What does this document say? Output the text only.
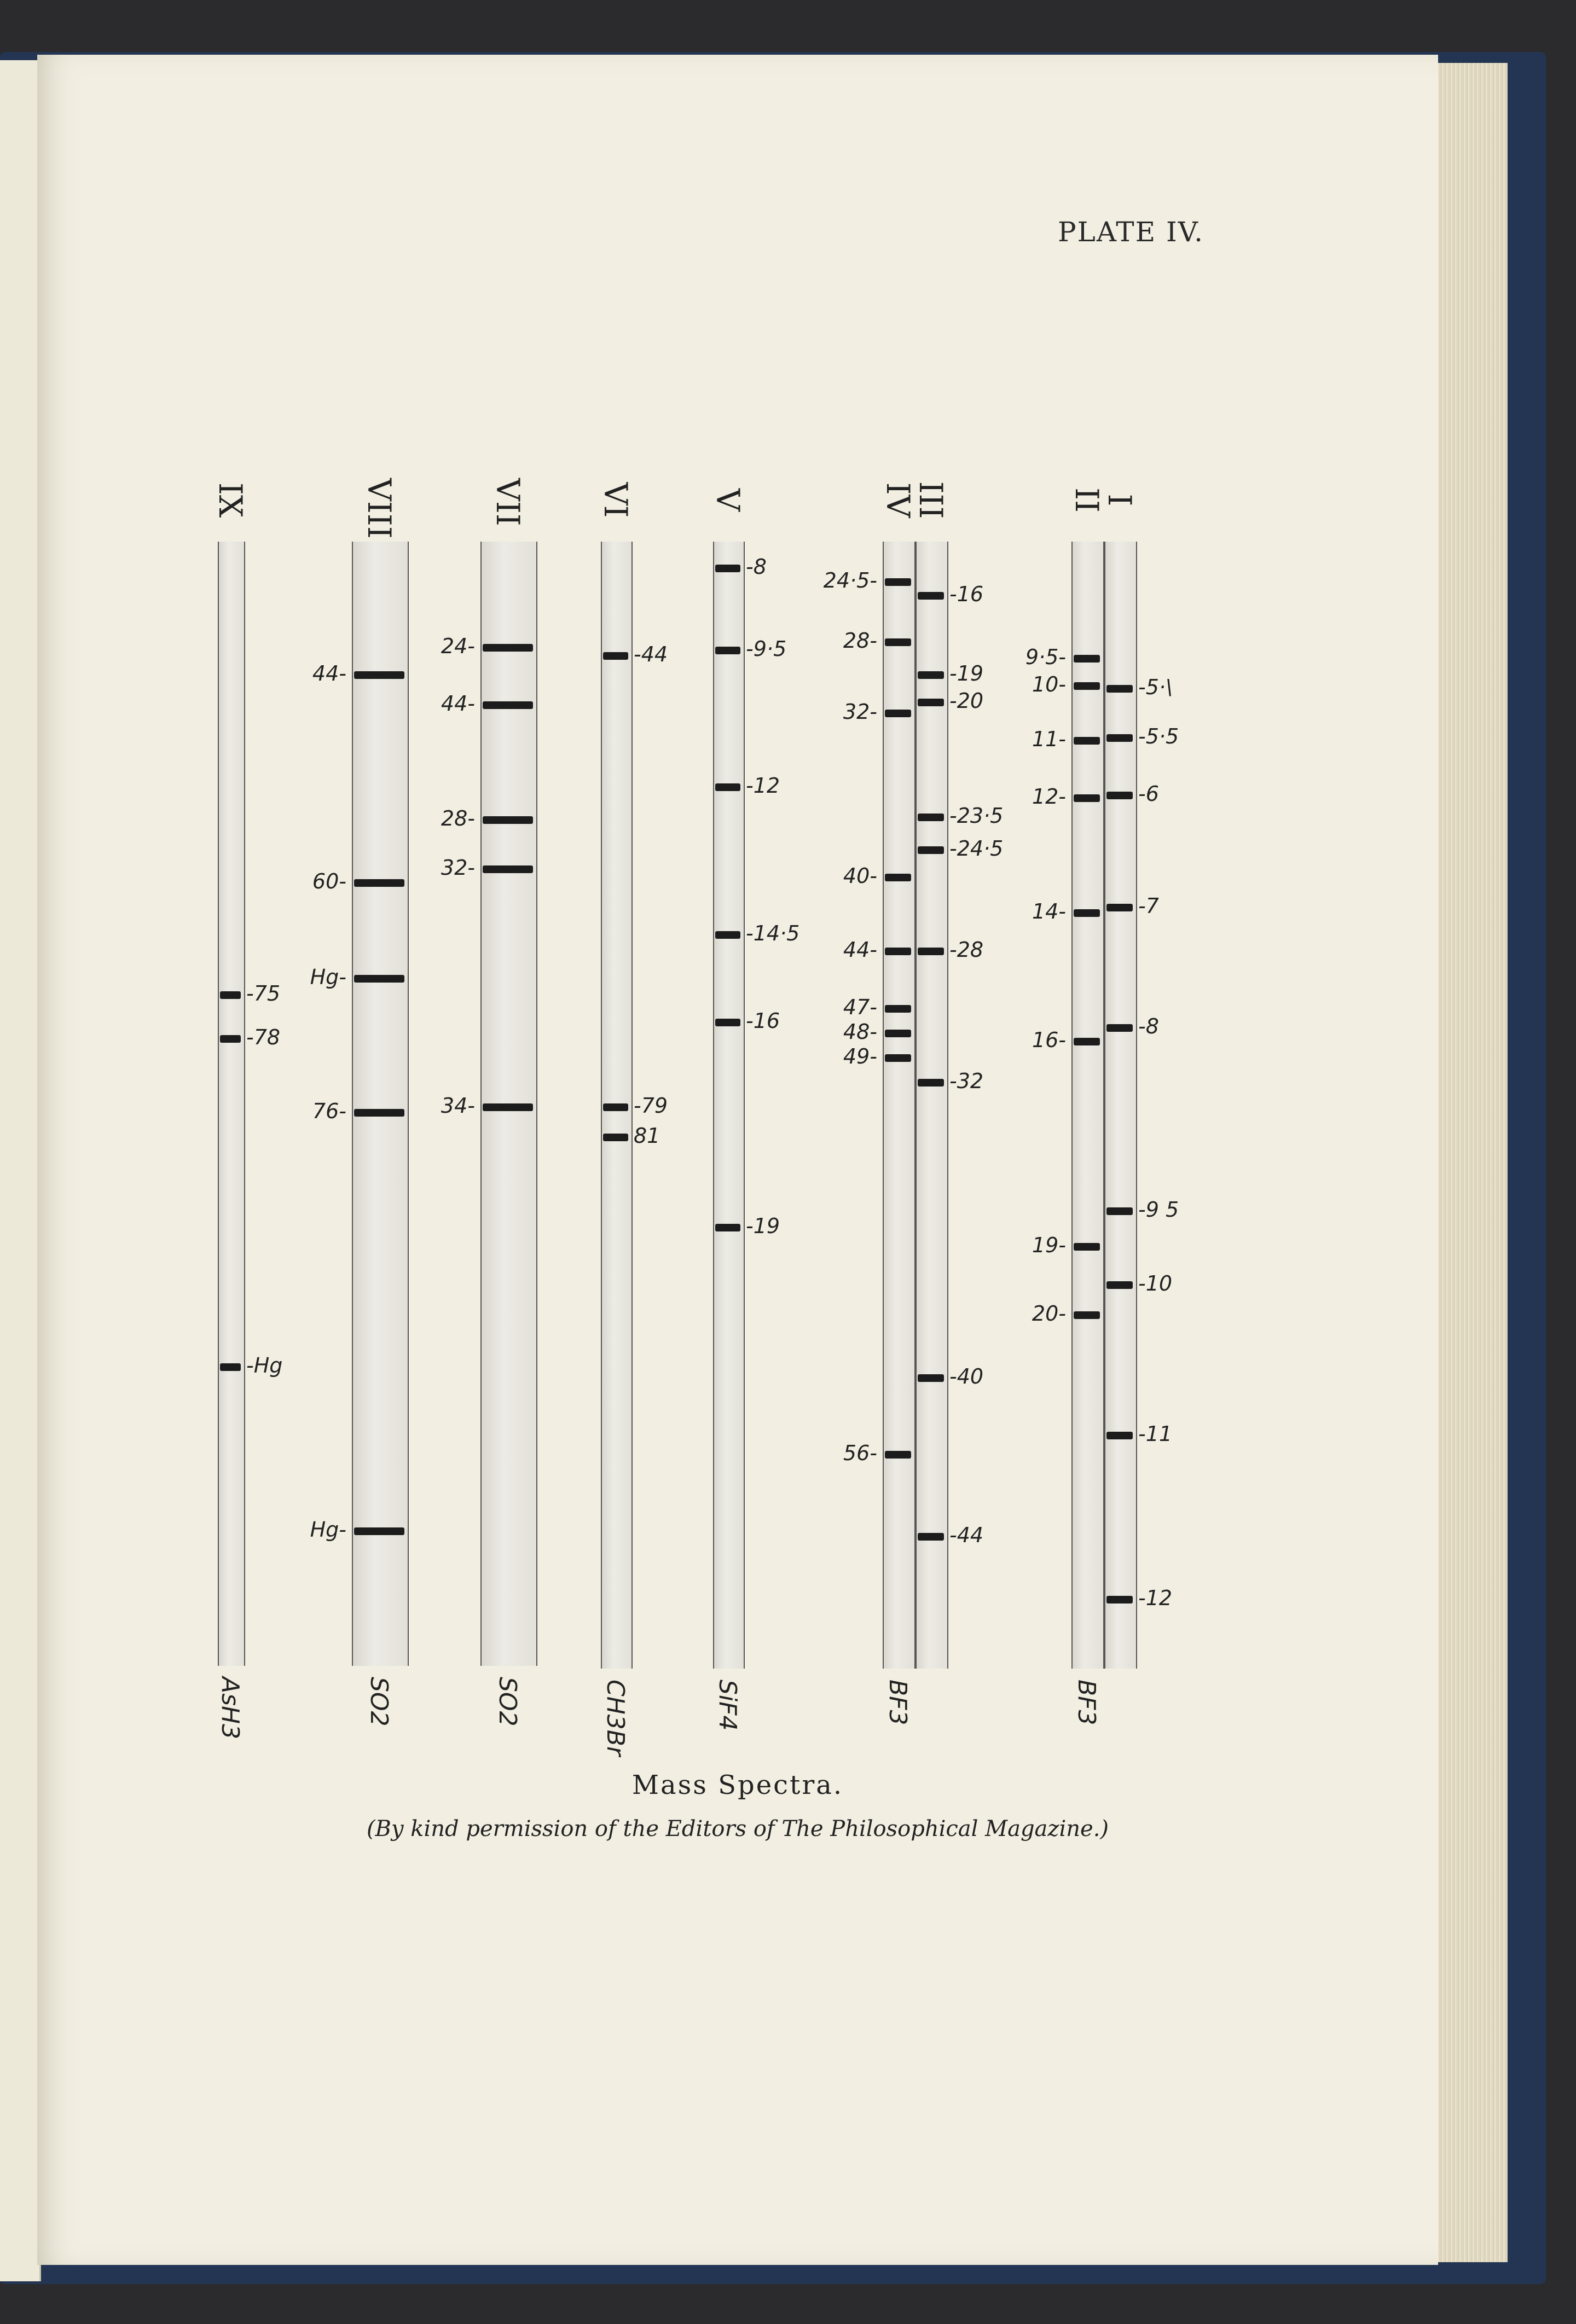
PLATE IV.
-75
-78
-Hg
IX
AsH3
44-
60-
Hg-
76-
Hg-
VIII
SO2
24-
28-
32-
34-
44-
VII
SO2
-44
-79
81
VI
CH3Br
-8
-9·5
-12
-14·5
-16
-19
V
SiF4
24·5-
28-
32-
40-
44-
47-
48-
49-
56-
IV
BF3
-16
-19
-20
-23·5
-24·5
-28
-32
-40
-44
III
9·5-
10-
11-
12-
14-
16-
19-
20-
II
BF3
-5·\
-5·5
-6
-7
-8
-9 5
-10
-11
-12
I
Mass Spectra.
(By kind permission of the Editors of The Philosophical Magazine.)
